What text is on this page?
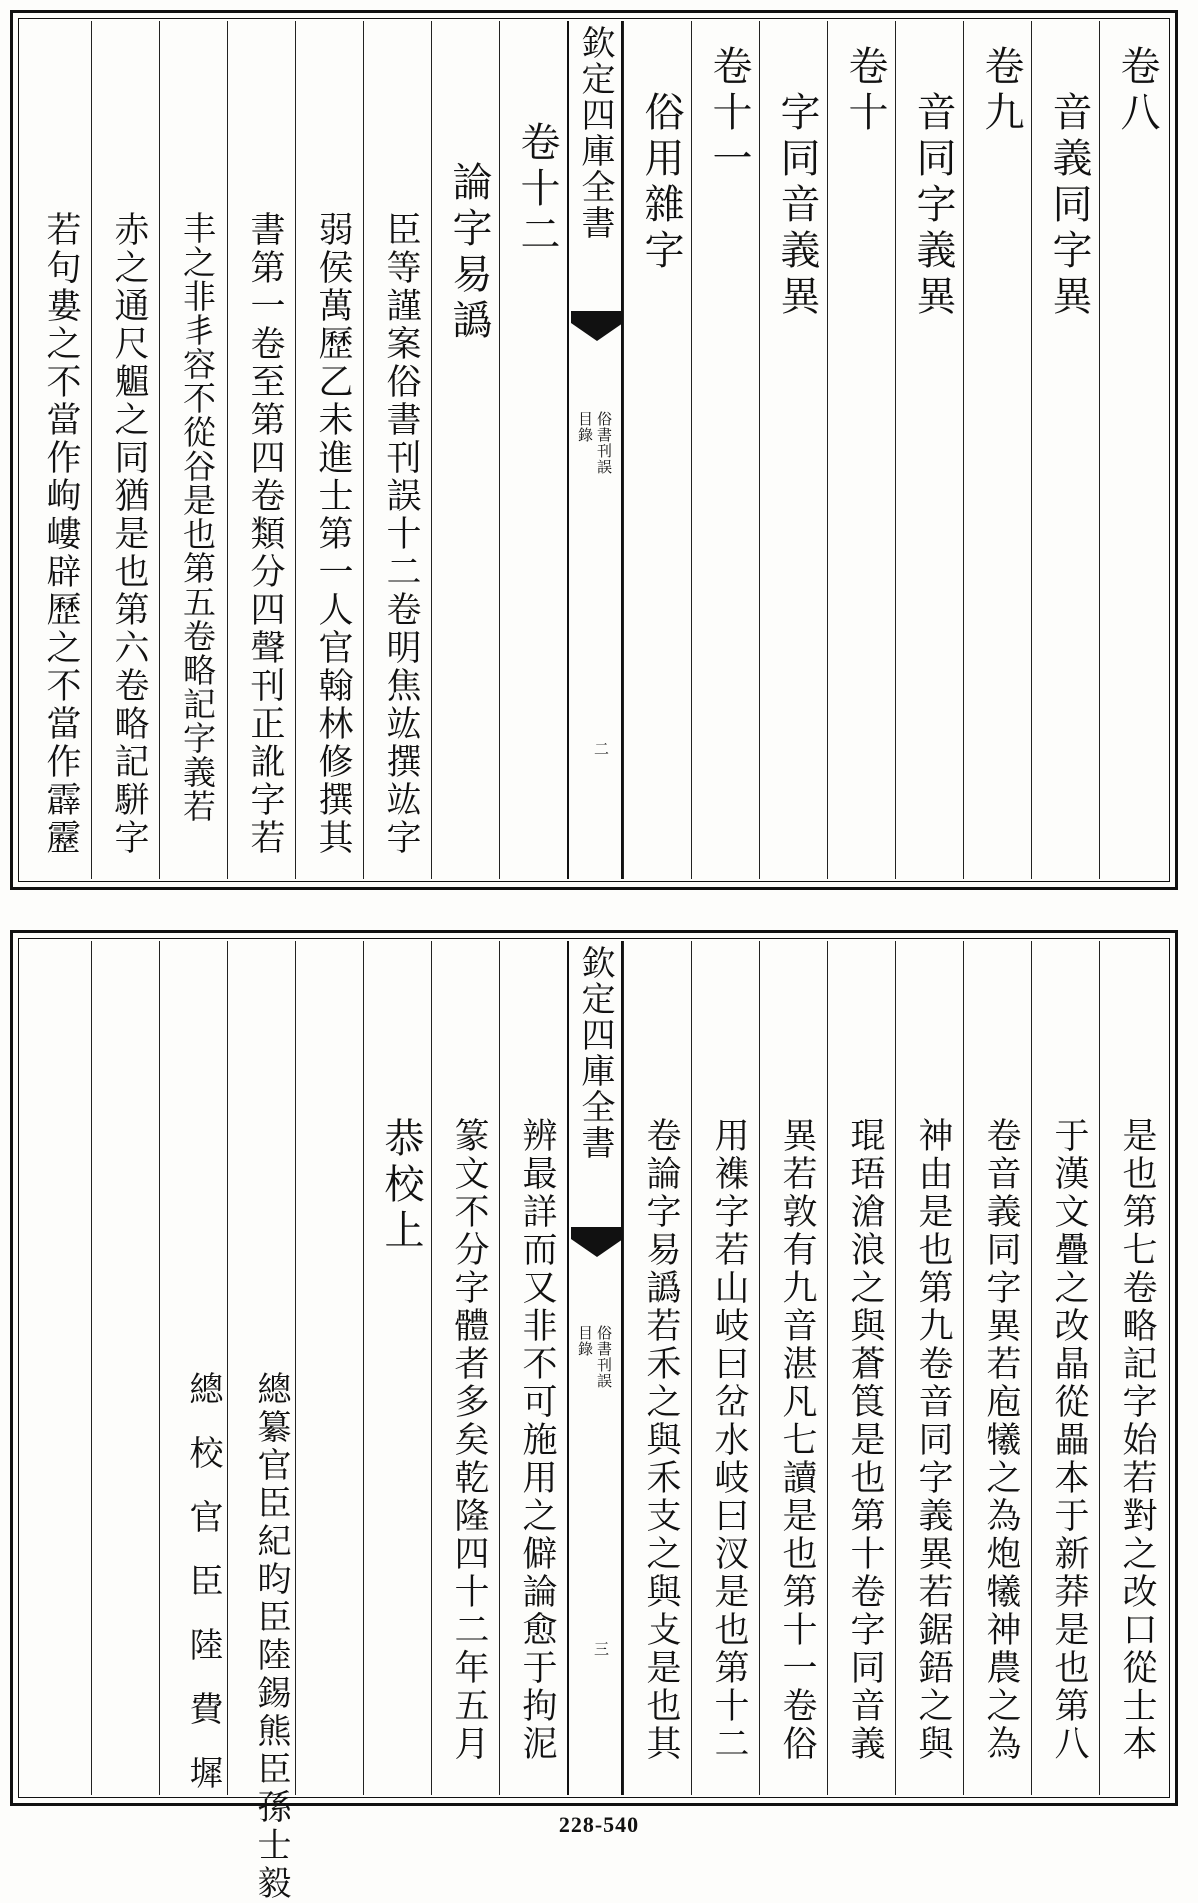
卷八
音義同字異
卷九
音同字義異
卷十
字同音義異
卷十一
俗用雜字
欽定四庫全書
俗書刊誤
目錄
二
卷十二
論字易譌
臣等謹案俗書刊誤十二卷明焦竑撰竑字
弱侯萬歷乙未進士第一人官翰林修撰其
書第一卷至第四卷類分四聲刊正訛字若
丰之非丯容不從谷是也第五卷略記字義若
赤之通尺䰨之同猶是也第六卷略記駢字
若句婁之不當作岣嶁辟歷之不當作霹靂
是也第七卷略記字始若對之改口從士本
于漢文疊之改晶從畾本于新莽是也第八
卷音義同字異若庖犧之為炮犧神農之為
神由是也第九卷音同字義異若鋸鋙之與
琨珸滄浪之與蒼筤是也第十卷字同音義
異若敦有九音湛凡七讀是也第十一卷俗
用襍字若山岐曰岔水岐曰汊是也第十二
卷論字易譌若禾之與禾支之與攴是也其
欽定四庫全書
俗書刊誤
目錄
三
辨最詳而又非不可施用之僻論愈于拘泥
篆文不分字體者多矣乾隆四十二年五月
恭校上
總纂官臣紀昀臣陸錫熊臣孫士毅
總校官臣陸費墀
228-540
